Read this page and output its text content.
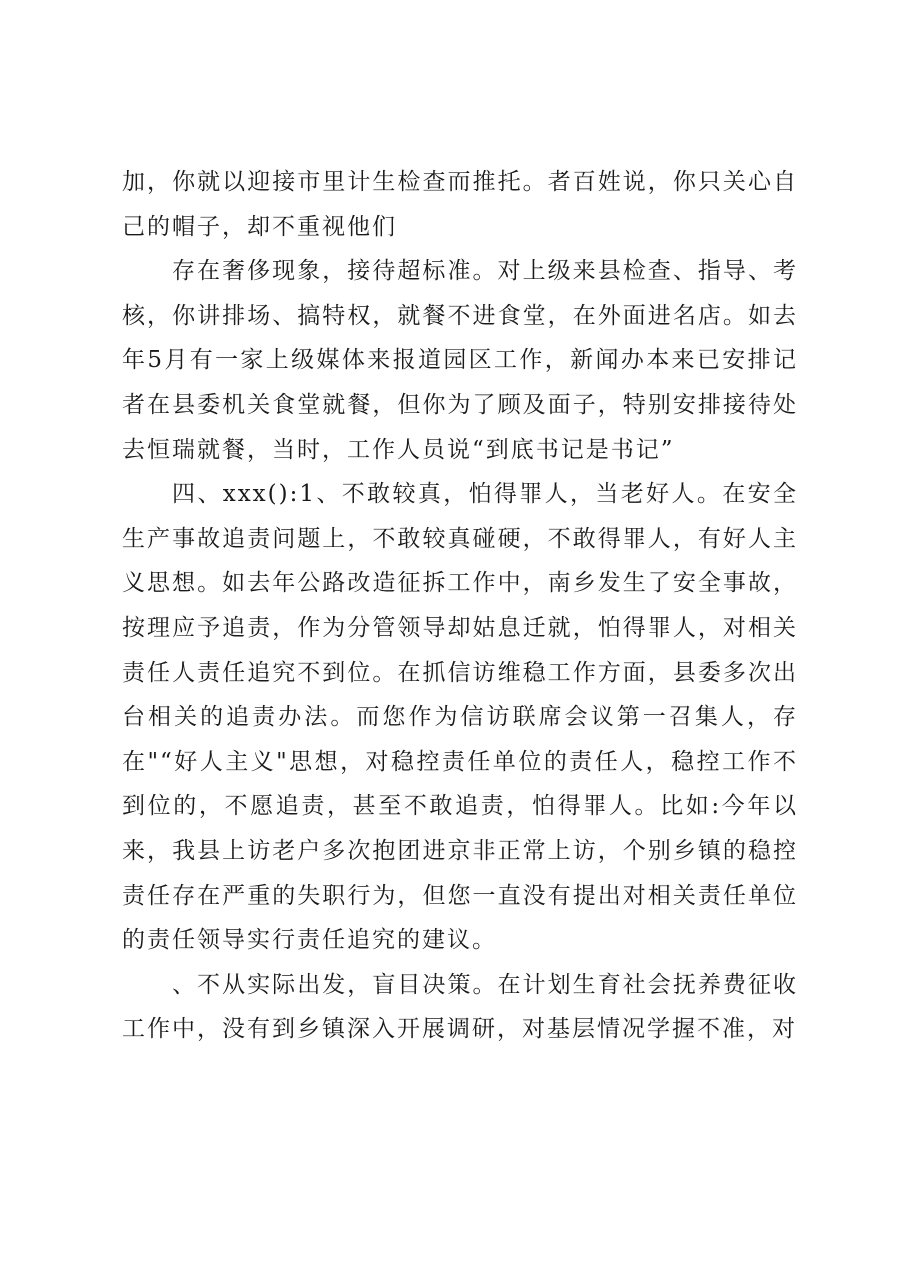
加，你就以迎接市里计生检查而推托。者百姓说，你只关心自己的帽子，却不重视他们

存在奢侈现象，接待超标准。对上级来县检查、指导、考核，你讲排场、搞特权，就餐不进食堂，在外面进名店。如去年5月有一家上级媒体来报道园区工作，新闻办本来已安排记者在县委机关食堂就餐，但你为了顾及面子，特别安排接待处去恒瑞就餐，当时，工作人员说“到底书记是书记”

四、xxx():1、不敢较真，怕得罪人，当老好人。在安全生产事故追责问题上，不敢较真碰硬，不敢得罪人，有好人主义思想。如去年公路改造征拆工作中，南乡发生了安全事故，按理应予追责，作为分管领导却姑息迁就，怕得罪人，对相关责任人责任追究不到位。在抓信访维稳工作方面，县委多次出台相关的追责办法。而您作为信访联席会议第一召集人，存在"“好人主义"思想，对稳控责任单位的责任人，稳控工作不到位的，不愿追责，甚至不敢追责，怕得罪人。比如:今年以来，我县上访老户多次抱团进京非正常上访，个别乡镇的稳控责任存在严重的失职行为，但您一直没有提出对相关责任单位的责任领导实行责任追究的建议。

、不从实际出发，盲目决策。在计划生育社会抚养费征收工作中，没有到乡镇深入开展调研，对基层情况学握不准，对
